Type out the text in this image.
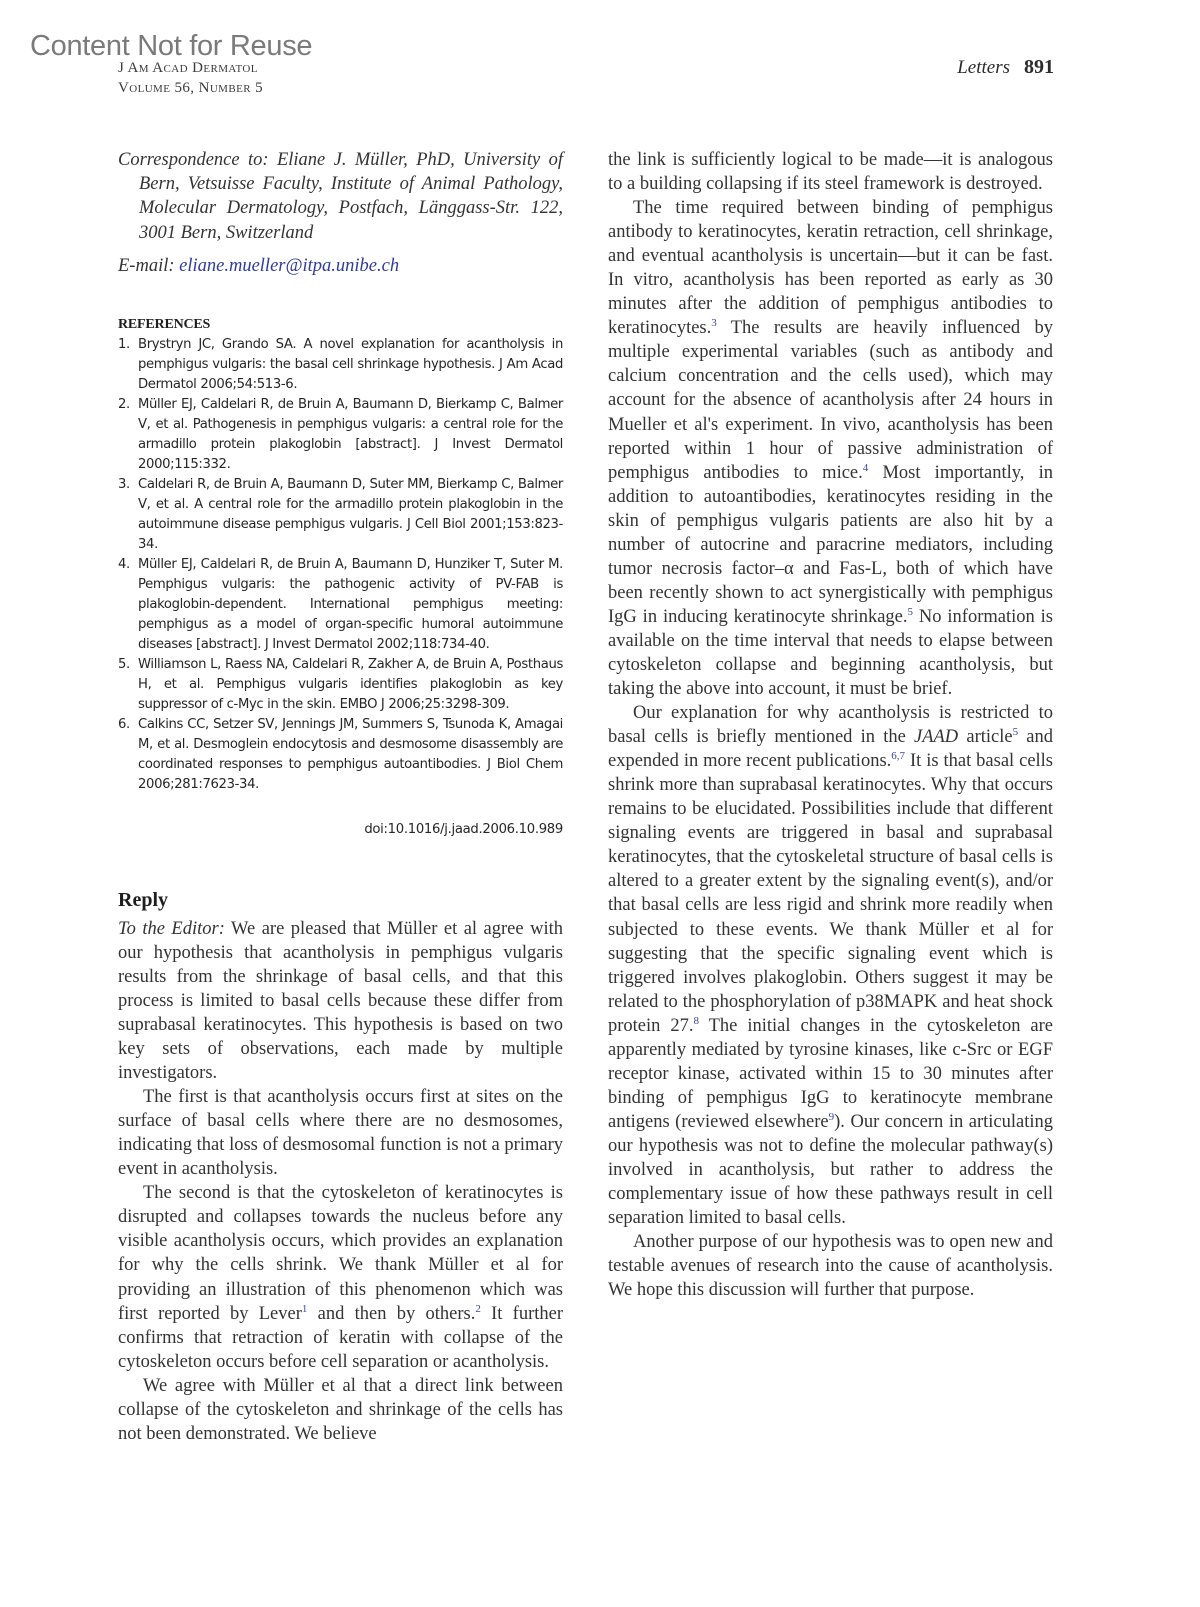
Content Not for Reuse
J Am Acad Dermatol
Volume 56, Number 5
Letters 891

Correspondence to: Eliane J. Müller, PhD, University of Bern, Vetsuisse Faculty, Institute of Animal Pathology, Molecular Dermatology, Postfach, Länggass-Str. 122, 3001 Bern, Switzerland

E-mail: eliane.mueller@itpa.unibe.ch

REFERENCES
1. Brystryn JC, Grando SA. A novel explanation for acantholysis in pemphigus vulgaris: the basal cell shrinkage hypothesis. J Am Acad Dermatol 2006;54:513-6.
2. Müller EJ, Caldelari R, de Bruin A, Baumann D, Bierkamp C, Balmer V, et al. Pathogenesis in pemphigus vulgaris: a central role for the armadillo protein plakoglobin [abstract]. J Invest Dermatol 2000;115:332.
3. Caldelari R, de Bruin A, Baumann D, Suter MM, Bierkamp C, Balmer V, et al. A central role for the armadillo protein plakoglobin in the autoimmune disease pemphigus vulgaris. J Cell Biol 2001;153:823-34.
4. Müller EJ, Caldelari R, de Bruin A, Baumann D, Hunziker T, Suter M. Pemphigus vulgaris: the pathogenic activity of PV-FAB is plakoglobin-dependent. International pemphigus meeting: pemphigus as a model of organ-specific humoral autoimmune diseases [abstract]. J Invest Dermatol 2002;118:734-40.
5. Williamson L, Raess NA, Caldelari R, Zakher A, de Bruin A, Posthaus H, et al. Pemphigus vulgaris identifies plakoglobin as key suppressor of c-Myc in the skin. EMBO J 2006;25:3298-309.
6. Calkins CC, Setzer SV, Jennings JM, Summers S, Tsunoda K, Amagai M, et al. Desmoglein endocytosis and desmosome disassembly are coordinated responses to pemphigus autoantibodies. J Biol Chem 2006;281:7623-34.
doi:10.1016/j.jaad.2006.10.989
Reply

To the Editor: We are pleased that Müller et al agree with our hypothesis that acantholysis in pemphigus vulgaris results from the shrinkage of basal cells, and that this process is limited to basal cells because these differ from suprabasal keratinocytes. This hypothesis is based on two key sets of observations, each made by multiple investigators.

The first is that acantholysis occurs first at sites on the surface of basal cells where there are no desmosomes, indicating that loss of desmosomal function is not a primary event in acantholysis.

The second is that the cytoskeleton of keratinocytes is disrupted and collapses towards the nucleus before any visible acantholysis occurs, which provides an explanation for why the cells shrink. We thank Müller et al for providing an illustration of this phenomenon which was first reported by Lever$^1$ and then by others.$^2$ It further confirms that retraction of keratin with collapse of the cytoskeleton occurs before cell separation or acantholysis.

We agree with Müller et al that a direct link between collapse of the cytoskeleton and shrinkage of the cells has not been demonstrated. We believe

the link is sufficiently logical to be made—it is analogous to a building collapsing if its steel framework is destroyed.

The time required between binding of pemphigus antibody to keratinocytes, keratin retraction, cell shrinkage, and eventual acantholysis is uncertain—but it can be fast. In vitro, acantholysis has been reported as early as 30 minutes after the addition of pemphigus antibodies to keratinocytes.$^3$ The results are heavily influenced by multiple experimental variables (such as antibody and calcium concentration and the cells used), which may account for the absence of acantholysis after 24 hours in Mueller et al's experiment. In vivo, acantholysis has been reported within 1 hour of passive administration of pemphigus antibodies to mice.$^4$ Most importantly, in addition to autoantibodies, keratinocytes residing in the skin of pemphigus vulgaris patients are also hit by a number of autocrine and paracrine mediators, including tumor necrosis factor–α and Fas-L, both of which have been recently shown to act synergistically with pemphigus IgG in inducing keratinocyte shrinkage.$^5$ No information is available on the time interval that needs to elapse between cytoskeleton collapse and beginning acantholysis, but taking the above into account, it must be brief.

Our explanation for why acantholysis is restricted to basal cells is briefly mentioned in the JAAD article$^5$ and expended in more recent publications.$^{6,7}$ It is that basal cells shrink more than suprabasal keratinocytes. Why that occurs remains to be elucidated. Possibilities include that different signaling events are triggered in basal and suprabasal keratinocytes, that the cytoskeletal structure of basal cells is altered to a greater extent by the signaling event(s), and/or that basal cells are less rigid and shrink more readily when subjected to these events. We thank Müller et al for suggesting that the specific signaling event which is triggered involves plakoglobin. Others suggest it may be related to the phosphorylation of p38MAPK and heat shock protein 27.$^8$ The initial changes in the cytoskeleton are apparently mediated by tyrosine kinases, like c-Src or EGF receptor kinase, activated within 15 to 30 minutes after binding of pemphigus IgG to keratinocyte membrane antigens (reviewed elsewhere$^9$). Our concern in articulating our hypothesis was not to define the molecular pathway(s) involved in acantholysis, but rather to address the complementary issue of how these pathways result in cell separation limited to basal cells.

Another purpose of our hypothesis was to open new and testable avenues of research into the cause of acantholysis. We hope this discussion will further that purpose.
